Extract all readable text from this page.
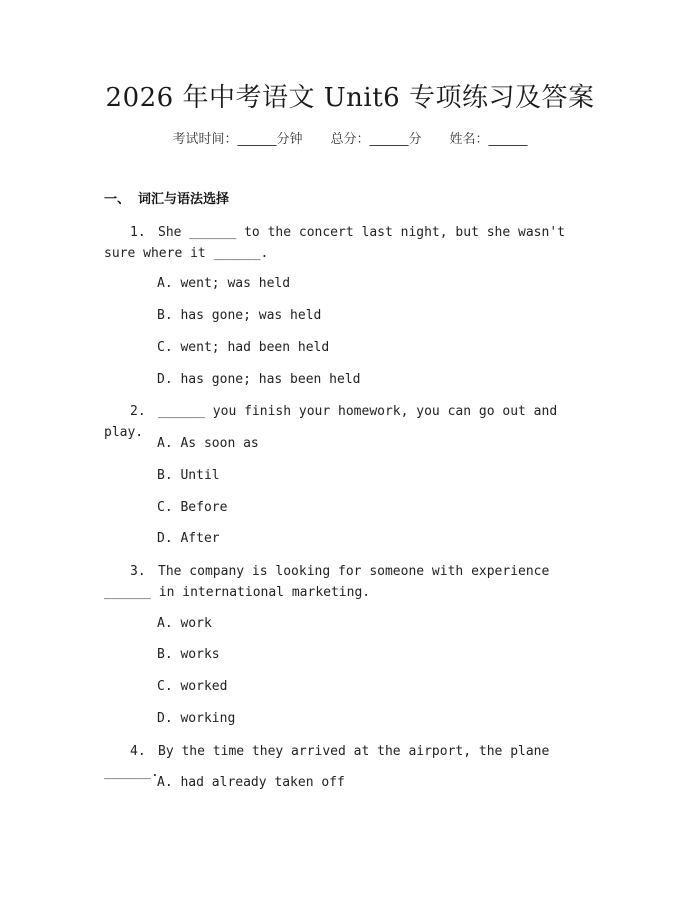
2026 年中考语文 Unit6 专项练习及答案
考试时间：______分钟 总分：______分 姓名：______
一、 词汇与语法选择
1. She ______ to the concert last night, but she wasn't sure where it ______.
A. went; was held
B. has gone; was held
C. went; had been held
D. has gone; has been held
2. ______ you finish your homework, you can go out and play.
A. As soon as
B. Until
C. Before
D. After
3. The company is looking for someone with experience ______ in international marketing.
A. work
B. works
C. worked
D. working
4. By the time they arrived at the airport, the plane ______.
A. had already taken off
